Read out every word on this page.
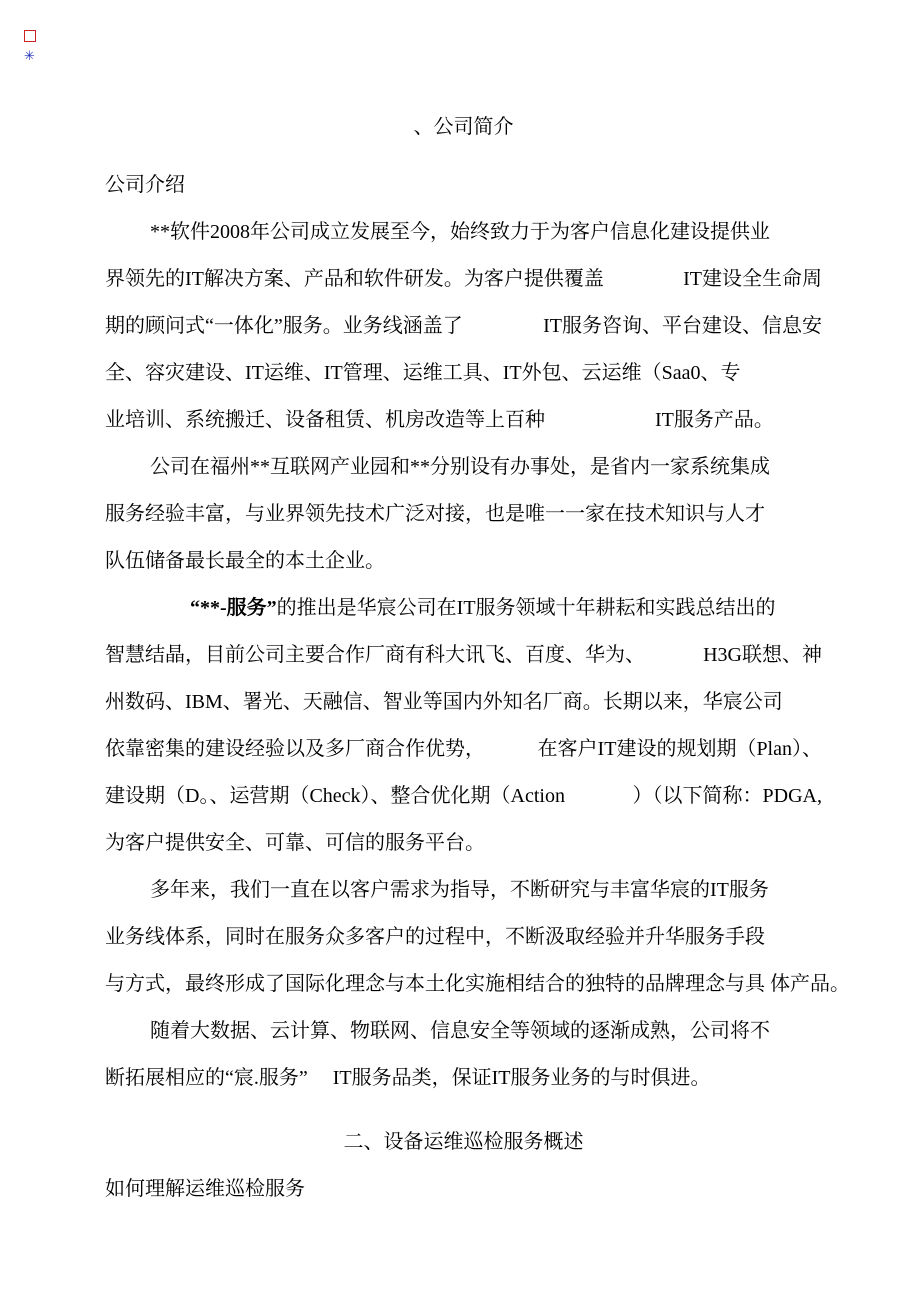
✳
、公司简介
公司介绍
**软件2008年公司成立发展至今，始终致力于为客户信息化建设提供业
界领先的IT解决方案、产品和软件研发。为客户提供覆盖	IT建设全生命周
期的顾问式“一体化”服务。业务线涵盖了	IT服务咨询、平台建设、信息安
全、容灾建设、IT运维、IT管理、运维工具、IT外包、云运维（Saa0、专
业培训、系统搬迁、设备租赁、机房改造等上百种	IT服务产品。
公司在福州**互联网产业园和**分别设有办事处，是省内一家系统集成
服务经验丰富，与业界领先技术广泛对接，也是唯一一家在技术知识与人才
队伍储备最长最全的本土企业。
“**-服务”的推出是华宸公司在IT服务领域十年耕耘和实践总结出的
智慧结晶，目前公司主要合作厂商有科大讯飞、百度、华为、	H3G联想、神
州数码、IBM、署光、天融信、智业等国内外知名厂商。长期以来，华宸公司
依靠密集的建设经验以及多厂商合作优势，	在客户IT建设的规划期（Plan）、
建设期（D。、运营期（Check）、整合优化期（Action	）（以下简称：PDGA,
为客户提供安全、可靠、可信的服务平台。
多年来，我们一直在以客户需求为指导，不断研究与丰富华宸的IT服务
业务线体系，同时在服务众多客户的过程中，不断汲取经验并升华服务手段
与方式，最终形成了国际化理念与本土化实施相结合的独特的品牌理念与具 体产品。
随着大数据、云计算、物联网、信息安全等领域的逐渐成熟，公司将不
断拓展相应的“宸.服务” IT服务品类，保证IT服务业务的与时俱进。
二、设备运维巡检服务概述
如何理解运维巡检服务
